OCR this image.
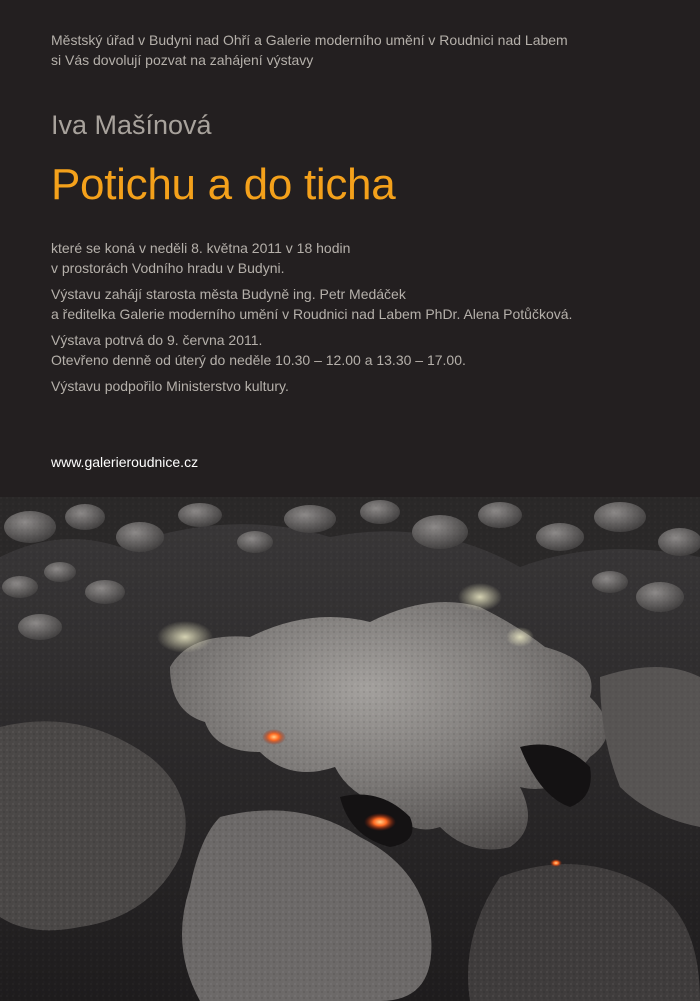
Městský úřad v Budyni nad Ohří a Galerie moderního umění v Roudnici nad Labem

si Vás dovolují pozvat na zahájení výstavy

Iva Mašínová
Potichu a do ticha
které se koná v neděli 8. května 2011 v 18 hodin
v prostorách Vodního hradu v Budyni.
Výstavu zahájí starosta města Budyně ing. Petr Medáček
a ředitelka Galerie moderního umění v Roudnici nad Labem PhDr. Alena Potůčková.
Výstava potrvá do 9. června 2011.
Otevřeno denně od úterý do neděle 10.30 – 12.00 a 13.30 – 17.00.
Výstavu podpořilo Ministerstvo kultury.
www.galerieroudnice.cz
